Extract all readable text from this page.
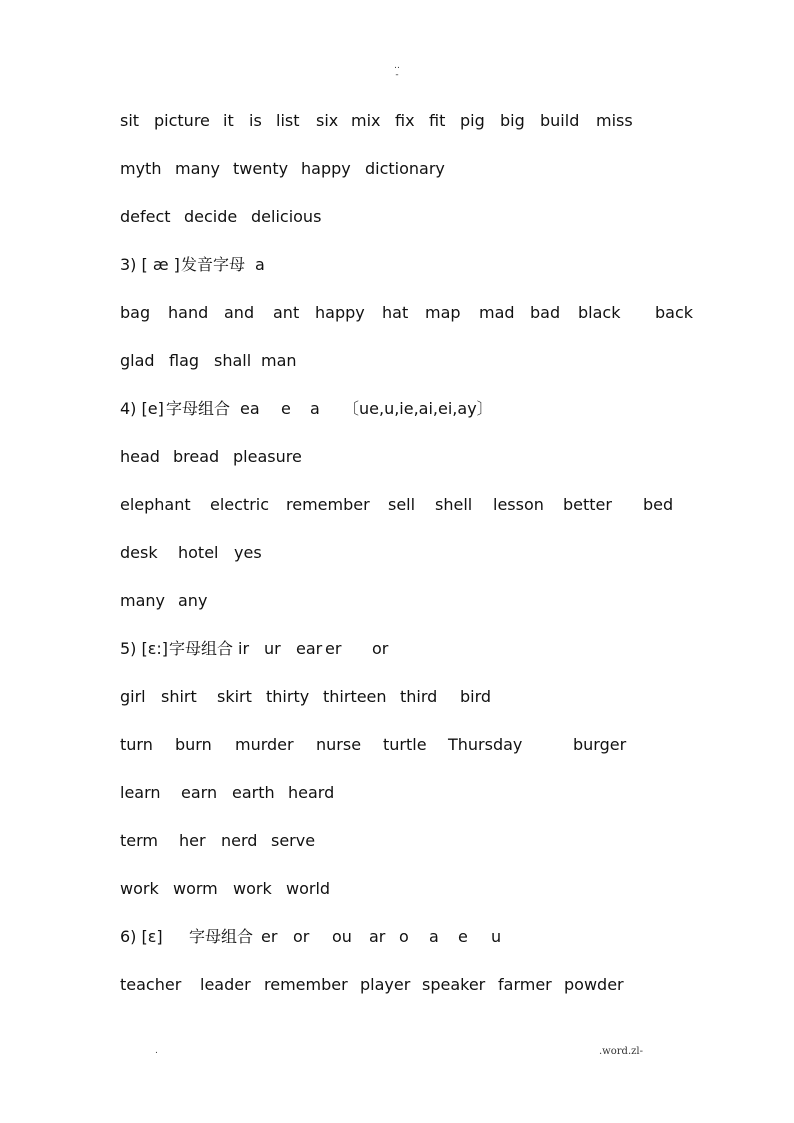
..
-
sit picture it is list six mix fix fit pig big build miss
myth many twenty happy dictionary
defect decide delicious
3) [ æ ] 发音字母 a
bag hand and ant happy hat map mad bad black back
glad flag shall man
4) [e] 字母组合 ea e a 〔ue,u,ie,ai,ei,ay〕
head bread pleasure
elephant electric remember sell shell lesson better bed
desk hotel yes
many any
5) [ɛ:] 字母组合 ir ur ear er or
girl shirt skirt thirty thirteen third bird
turn burn murder nurse turtle Thursday	burger
learn earn earth heard
term her nerd serve
work worm work world
6) [ɛ] 字母组合 er or ou ar o a e u
teacher leader remember player speaker farmer powder
.	.word.zl-
